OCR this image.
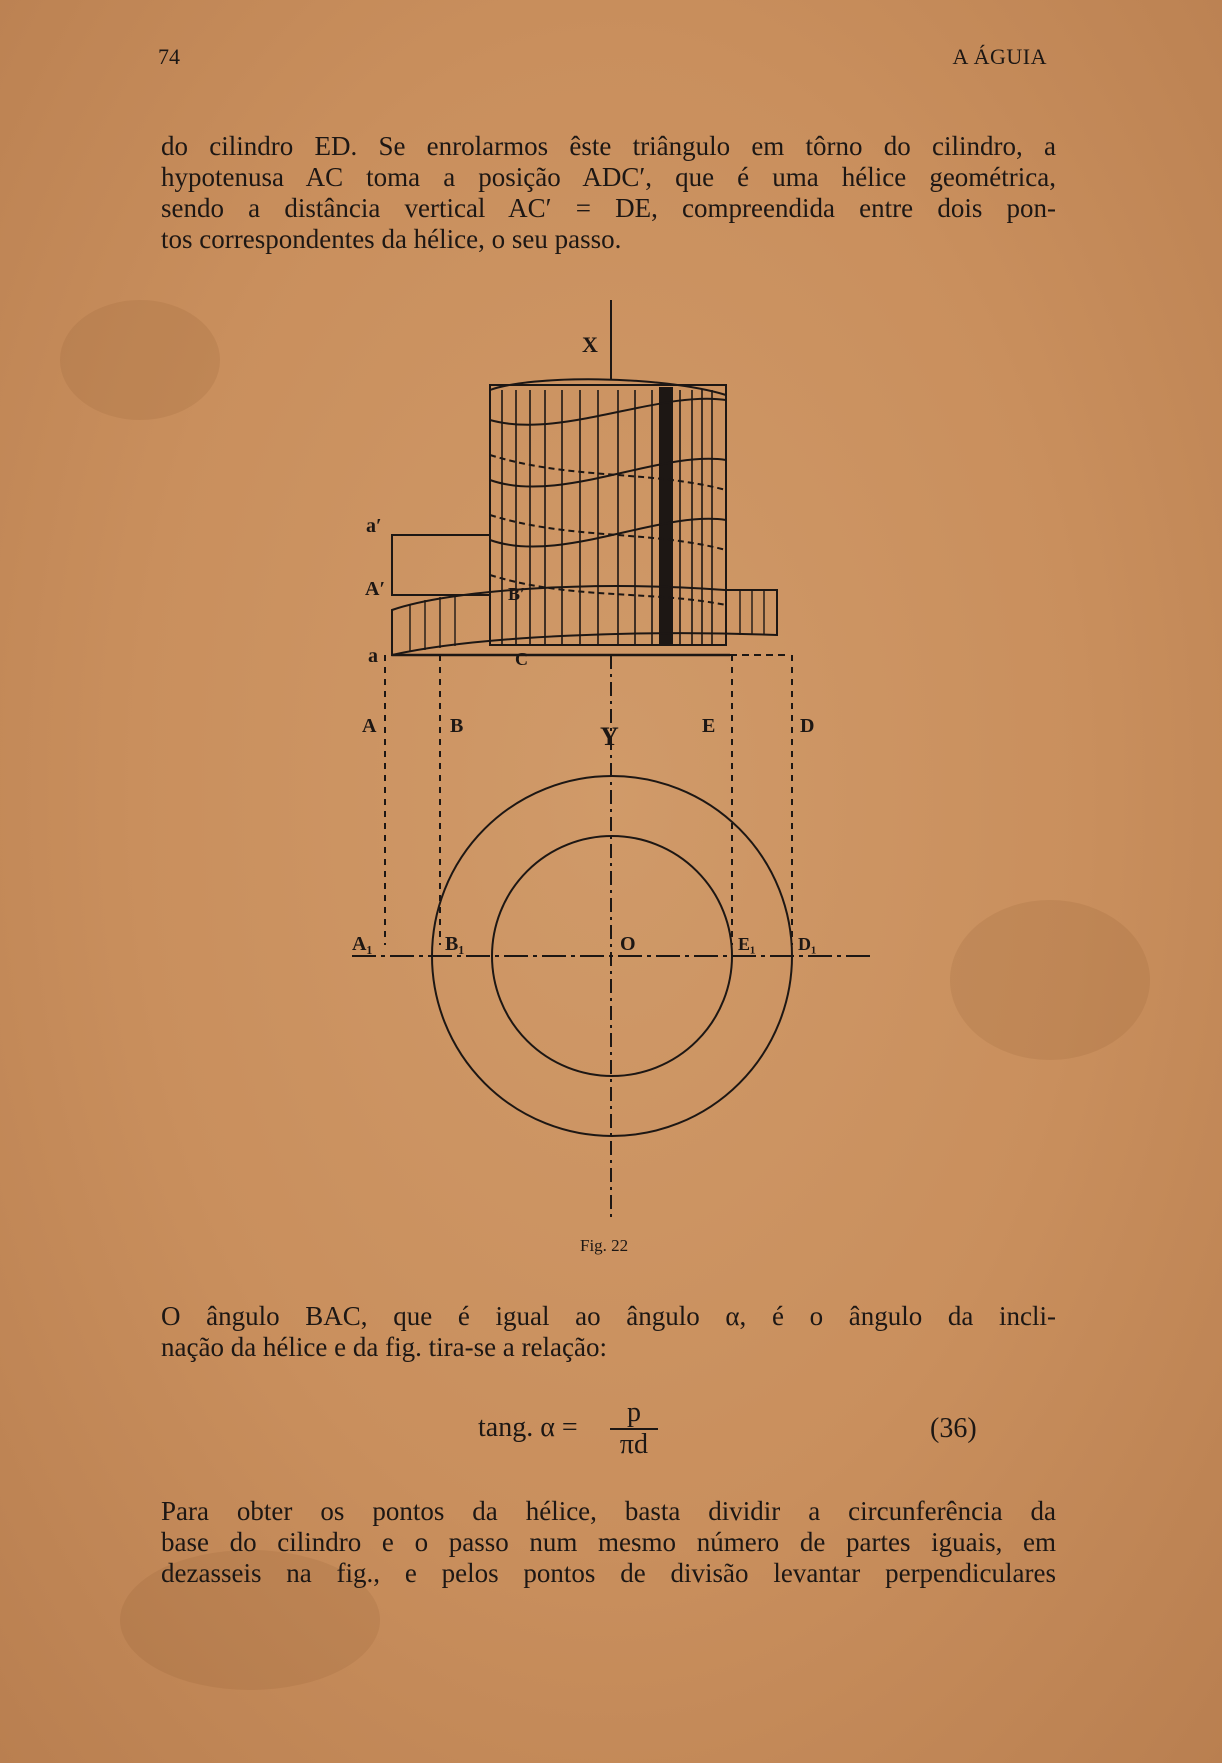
74	A ÁGUIA
do cilindro ED. Se enrolarmos êste triângulo em tôrno do cilindro, a
hypotenusa AC toma a posição ADC′, que é uma hélice geométrica,
sendo a distância vertical AC′ = DE, compreendida entre dois pon-
tos correspondentes da hélice, o seu passo.
X
a′
A′
a
A
B′
C
B	Y	E	D
A₁	B₁	O	E₁ D₁
Fig. 22
O ângulo BAC, que é igual ao ângulo α, é o ângulo da incli-
nação da hélice e da fig. tira-se a relação:
tang. α =	p
πd
(36)
Para obter os pontos da hélice, basta dividir a circunferência da
base do cilindro e o passo num mesmo número de partes iguais, em
dezasseis na fig., e pelos pontos de divisão levantar perpendiculares
